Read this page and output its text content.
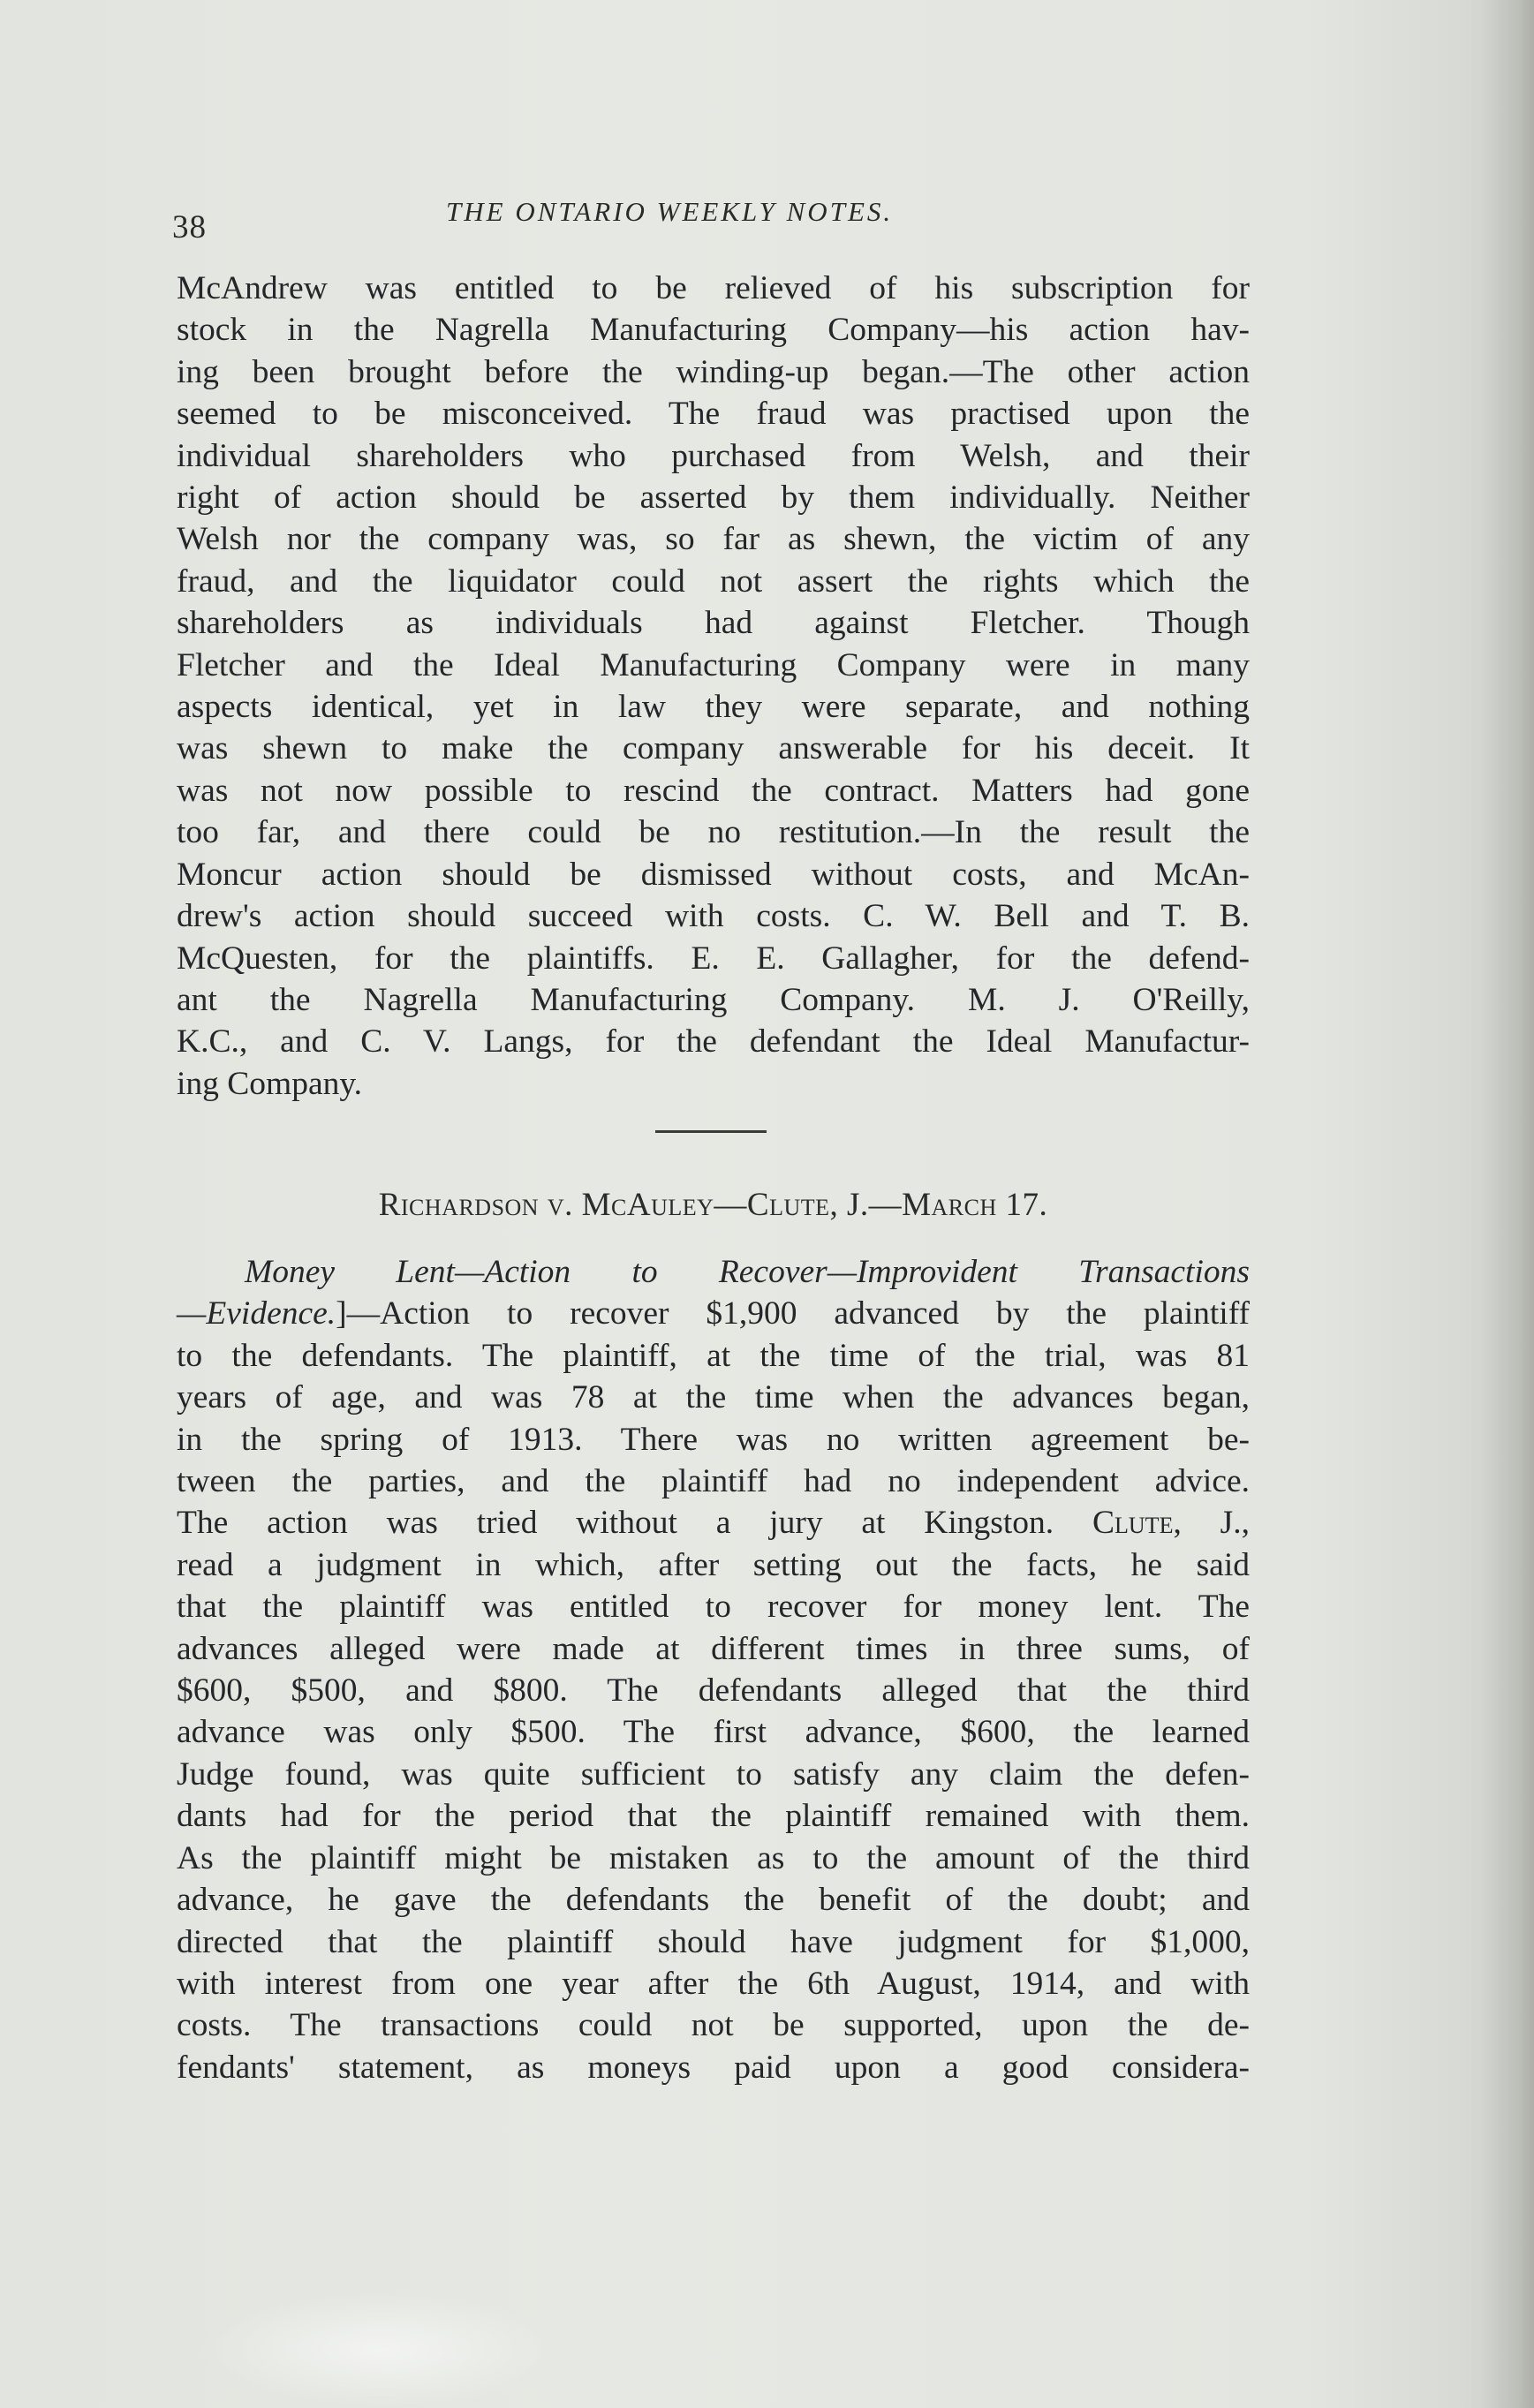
38	THE ONTARIO WEEKLY NOTES.
McAndrew was entitled to be relieved of his subscription for
stock in the Nagrella Manufacturing Company—his action hav-
ing been brought before the winding-up began.—The other action
seemed to be misconceived. The fraud was practised upon the
individual shareholders who purchased from Welsh, and their
right of action should be asserted by them individually. Neither
Welsh nor the company was, so far as shewn, the victim of any
fraud, and the liquidator could not assert the rights which the
shareholders as individuals had against Fletcher. Though
Fletcher and the Ideal Manufacturing Company were in many
aspects identical, yet in law they were separate, and nothing
was shewn to make the company answerable for his deceit. It
was not now possible to rescind the contract. Matters had gone
too far, and there could be no restitution.—In the result the
Moncur action should be dismissed without costs, and McAn-
drew's action should succeed with costs. C. W. Bell and T. B.
McQuesten, for the plaintiffs. E. E. Gallagher, for the defend-
ant the Nagrella Manufacturing Company. M. J. O'Reilly,
K.C., and C. V. Langs, for the defendant the Ideal Manufactur-
ing Company.
Richardson v. McAuley—Clute, J.—March 17.
Money Lent—Action to Recover—Improvident Transactions
—Evidence.]—Action to recover $1,900 advanced by the plaintiff
to the defendants. The plaintiff, at the time of the trial, was 81
years of age, and was 78 at the time when the advances began,
in the spring of 1913. There was no written agreement be-
tween the parties, and the plaintiff had no independent advice.
The action was tried without a jury at Kingston. Clute, J.,
read a judgment in which, after setting out the facts, he said
that the plaintiff was entitled to recover for money lent. The
advances alleged were made at different times in three sums, of
$600, $500, and $800. The defendants alleged that the third
advance was only $500. The first advance, $600, the learned
Judge found, was quite sufficient to satisfy any claim the defen-
dants had for the period that the plaintiff remained with them.
As the plaintiff might be mistaken as to the amount of the third
advance, he gave the defendants the benefit of the doubt; and
directed that the plaintiff should have judgment for $1,000,
with interest from one year after the 6th August, 1914, and with
costs. The transactions could not be supported, upon the de-
fendants' statement, as moneys paid upon a good considera-
